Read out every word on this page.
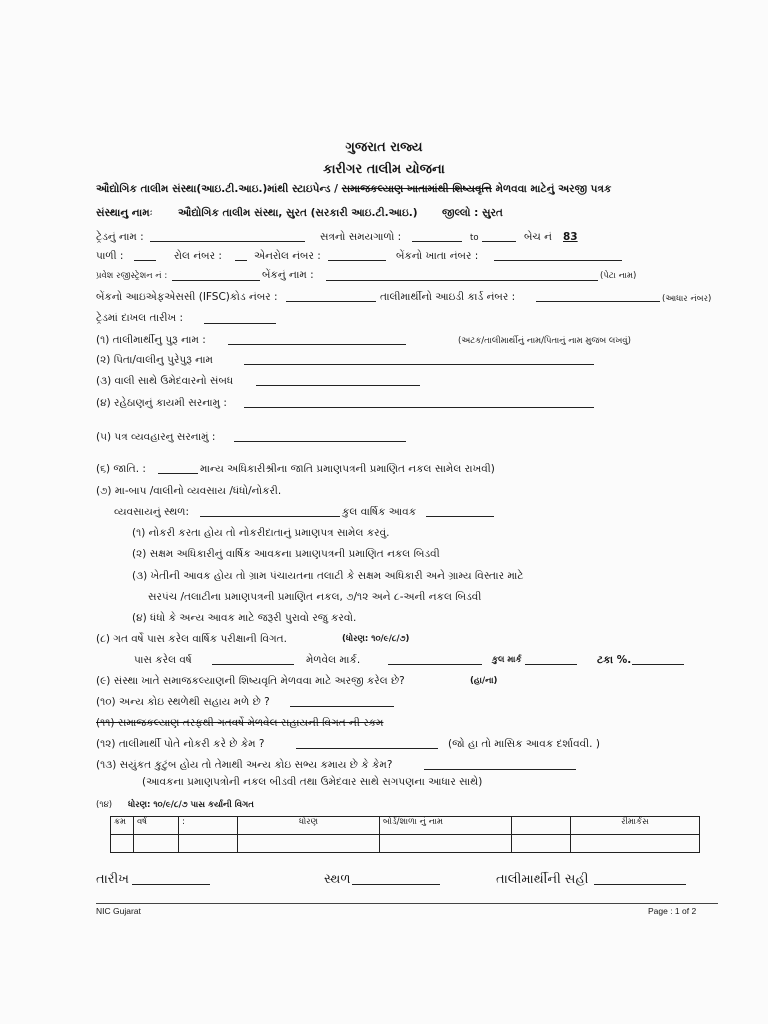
ગુજરાત રાજ્ય
કારીગર તાલીમ યોજના
ઔદ્યોગિક તાલીમ સંસ્થા(આઇ.ટી.આઇ.)માંથી સ્ટાઇપેન્ડ / સમાજકલ્યાણ ખાતામાંથી શિષ્યવૃત્તિ મેળવવા માટેનું અરજી પત્રક
સંસ્થાનુ નામઃ ઔદ્યોગિક તાલીમ સંસ્થા, સુરત (સરકારી આઇ.ટી.આઇ.) જીલ્લો : સુરત
ટ્રેડનું નામ :	સત્રનો સમયગાળો :	to	બેચ નં 83
પાળી :	રોલ નંબર :	એનરોલ નંબર :	બેંકનો ખાતા નંબર :
પ્રવેશ રજીસ્ટ્રેશન નં :	બેંકનું નામ :	(પેટા નામ)
બેંકનો આઇએફએસસી (IFSC)કોડ નંબર :	તાલીમાર્થીનો આઇડી કાર્ડ નંબર :	(આધાર નંબર)
ટ્રેડમાં દાખલ તારીખ :
(૧) તાલીમાર્થીનુ પુરૂ નામ :	(અટક/તાલીમાર્થીનું નામ/પિતાનું નામ મુજબ લખવું)
(૨) પિતા/વાલીનુ પુરેપુરૂ નામ
(૩) વાલી સાથે ઉમેદવારનો સંબધ
(૪) રહેઠાણનું કાયમી સરનામુ :
(૫) પત્ર વ્યવહારનુ સરનામું :
(૬) જાતિ. :	માન્ય અધિકારીશ્રીના જાતિ પ્રમાણપત્રની પ્રમાણિત નકલ સામેલ રાખવી)
(૭) મા-બાપ /વાલીનો વ્યવસાય /ધંધો/નોકરી.
વ્યવસાયનું સ્થળ:	કુલ વાર્ષિક આવક
(૧) નોકરી કરતા હોય તો નોકરીદાતાનું પ્રમાણપત્ર સામેલ કરવું.
(૨) સક્ષમ અધિકારીનું વાર્ષિક આવકના પ્રમાણપત્રની પ્રમાણિત નકલ બિડવી
(૩) ખેતીની આવક હોય તો ગ્રામ પંચાયતના તલાટી કે સક્ષમ અધિકારી અને ગ્રામ્ય વિસ્તાર માટે
સરપંચ /તલાટીના પ્રમાણપત્રની પ્રમાણિત નકલ, ૭/૧૨ અને ૮-અની નકલ બિડવી
(૪) ધંધો કે અન્ય આવક માટે જરૂરી પુરાવો રજુ કરવો.
(૮) ગત વર્ષે પાસ કરેલ વાર્ષિક પરીક્ષાની વિગત.	(ધોરણ: ૧૦/૯/૮/૭)
પાસ કરેલ વર્ષ	મેળવેલ માર્ક.	કુલ માર્ક	ટકા %.
(૯) સંસ્થા ખાતે સમાજકલ્યાણની શિષ્યવૃતિ મેળવવા માટે અરજી કરેલ છે?	(હા/ના)
(૧૦) અન્ય કોઇ સ્થળેથી સહાય મળે છે ?
(૧૧) સમાજકલ્યાણ તરફથી ગતવર્ષે મેળવેલ સહાયની વિગત ની રકમ
(૧૨) તાલીમાર્થી પોતે નોકરી કરે છે કેમ ?	(જો હા તો માસિક આવક દર્શાવવી. )
(૧૩) સયુંકત કુટુંબ હોય તો તેમાથી અન્ય કોઇ સભ્ય કમાય છે કે કેમ?
(આવકના પ્રમાણપત્રોની નકલ બીડવી તથા ઉમેદવાર સાથે સગપણના આધાર સાથે)
(૧૪) ધોરણ: ૧૦/૯/૮/૭ પાસ કર્યાની વિગત
ક્રમ	વર્ષ	:	ધોરણ	બોર્ડ/શાળા નું નામ		રીમાર્કસ

તારીખ	સ્થળ	તાલીમાર્થીની સહી
NIC Gujarat	Page : 1 of 2
